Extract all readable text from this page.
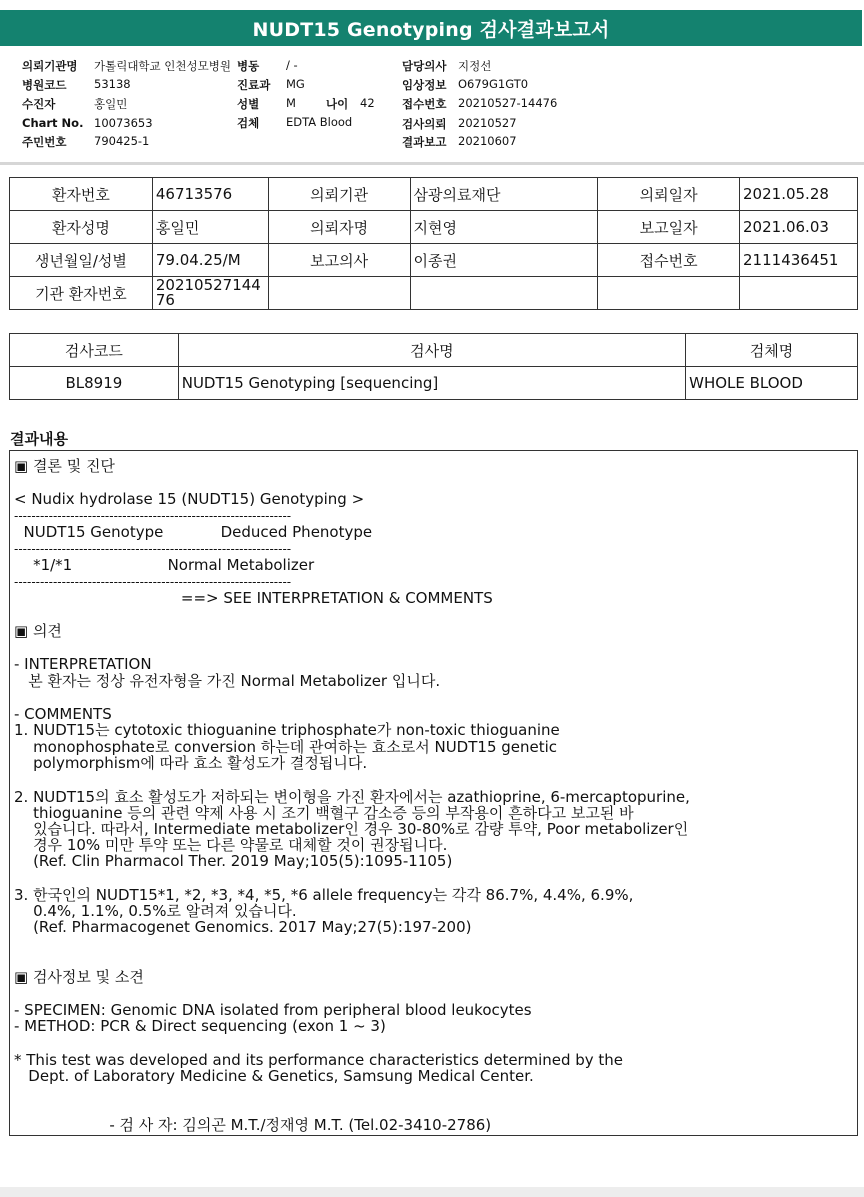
NUDT15 Genotyping 검사결과보고서
의뢰기관명 가톨릭대학교 인천성모병원
병원코드 53138
수진자	홍일민
Chart No. 10073653
주민번호 790425-1
병동 / -
진료과 MG
성별 M	나이 42
검체 EDTA Blood
담당의사 지정선
임상정보 O679G1GT0
접수번호 20210527-14476
검사의뢰 20210527
결과보고 20210607
환자번호	46713576	의뢰기관	삼광의료재단	의뢰일자	2021.05.28
환자성명	홍일민	의뢰자명	지현영	보고일자	2021.06.03
생년월일/성별	79.04.25/M	보고의사	이종권	접수번호	2111436451
기관 환자번호	2021052714476				
검사코드	검사명	검체명
BL8919	NUDT15 Genotyping [sequencing]	WHOLE BLOOD
결과내용
▣ 결론 및 진단
< Nudix hydrolase 15 (NUDT15) Genotyping >
----------------------------------------------------------------
NUDT15 Genotype            Deduced Phenotype
----------------------------------------------------------------
*1/*1                    Normal Metabolizer
----------------------------------------------------------------
==> SEE INTERPRETATION & COMMENTS
▣ 의견
- INTERPRETATION
본 환자는 정상 유전자형을 가진 Normal Metabolizer 입니다.
- COMMENTS
1. NUDT15는 cytotoxic thioguanine triphosphate가 non-toxic thioguanine
monophosphate로 conversion 하는데 관여하는 효소로서 NUDT15 genetic
polymorphism에 따라 효소 활성도가 결정됩니다.
2. NUDT15의 효소 활성도가 저하되는 변이형을 가진 환자에서는 azathioprine, 6-mercaptopurine,
thioguanine 등의 관련 약제 사용 시 조기 백혈구 감소증 등의 부작용이 흔하다고 보고된 바
있습니다. 따라서, Intermediate metabolizer인 경우 30-80%로 감량 투약, Poor metabolizer인
경우 10% 미만 투약 또는 다른 약물로 대체할 것이 권장됩니다.
(Ref. Clin Pharmacol Ther. 2019 May;105(5):1095-1105)
3. 한국인의 NUDT15*1, *2, *3, *4, *5, *6 allele frequency는 각각 86.7%, 4.4%, 6.9%,
0.4%, 1.1%, 0.5%로 알려져 있습니다.
(Ref. Pharmacogenet Genomics. 2017 May;27(5):197-200)
▣ 검사정보 및 소견
- SPECIMEN: Genomic DNA isolated from peripheral blood leukocytes
- METHOD: PCR & Direct sequencing (exon 1 ~ 3)
* This test was developed and its performance characteristics determined by the
Dept. of Laboratory Medicine & Genetics, Samsung Medical Center.
- 검 사 자: 김의곤 M.T./정재영 M.T. (Tel.02-3410-2786)
